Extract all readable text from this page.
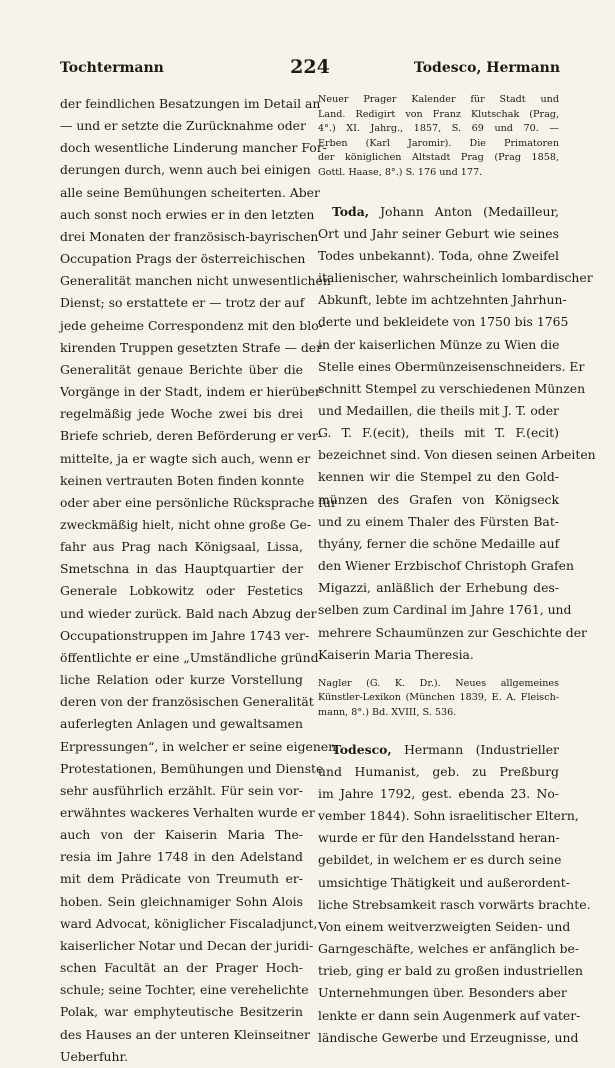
Tochtermann	224	Todesco, Hermann
der feindlichen Besatzungen im Detail an
— und er setzte die Zurücknahme oder
doch wesentliche Linderung mancher For-
derungen durch, wenn auch bei einigen
alle seine Bemühungen scheiterten. Aber
auch sonst noch erwies er in den letzten
drei Monaten der französisch-bayrischen
Occupation Prags der österreichischen
Generalität manchen nicht unwesentlichen
Dienst; so erstattete er — trotz der auf
jede geheime Correspondenz mit den blo-
kirenden Truppen gesetzten Strafe — der
Generalität genaue Berichte über die
Vorgänge in der Stadt, indem er hierüber
regelmäßig jede Woche zwei bis drei
Briefe schrieb, deren Beförderung er ver-
mittelte, ja er wagte sich auch, wenn er
keinen vertrauten Boten finden konnte
oder aber eine persönliche Rücksprache für
zweckmäßig hielt, nicht ohne große Ge-
fahr aus Prag nach Königsaal, Lissa,
Smetschna in das Hauptquartier der
Generale Lobkowitz oder Festetics
und wieder zurück. Bald nach Abzug der
Occupationstruppen im Jahre 1743 ver-
öffentlichte er eine „Umständliche gründ-
liche Relation oder kurze Vorstellung
deren von der französischen Generalität
auferlegten Anlagen und gewaltsamen
Erpressungen“, in welcher er seine eigenen
Protestationen, Bemühungen und Dienste
sehr ausführlich erzählt. Für sein vor-
erwähntes wackeres Verhalten wurde er
auch von der Kaiserin Maria The-
resia im Jahre 1748 in den Adelstand
mit dem Prädicate von Treumuth er-
hoben. Sein gleichnamiger Sohn Alois
ward Advocat, königlicher Fiscaladjunct,
kaiserlicher Notar und Decan der juridi-
schen Facultät an der Prager Hoch-
schule; seine Tochter, eine verehelichte
Polak, war emphyteutische Besitzerin
des Hauses an der unteren Kleinseitner
Ueberfuhr.
Neuer Prager Kalender für Stadt und
Land. Redigirt von Franz Klutschak (Prag,
4°.) XI. Jahrg., 1857, S. 69 und 70. —
Erben (Karl Jaromir). Die Primatoren
der königlichen Altstadt Prag (Prag 1858,
Gottl. Haase, 8°.) S. 176 und 177.
Toda, Johann Anton (Medailleur,
Ort und Jahr seiner Geburt wie seines
Todes unbekannt). Toda, ohne Zweifel
italienischer, wahrscheinlich lombardischer
Abkunft, lebte im achtzehnten Jahrhun-
derte und bekleidete von 1750 bis 1765
in der kaiserlichen Münze zu Wien die
Stelle eines Obermünzeisenschneiders. Er
schnitt Stempel zu verschiedenen Münzen
und Medaillen, die theils mit J. T. oder
G. T. F.(ecit), theils mit T. F.(ecit)
bezeichnet sind. Von diesen seinen Arbeiten
kennen wir die Stempel zu den Gold-
münzen des Grafen von Königseck
und zu einem Thaler des Fürsten Bat-
thyány, ferner die schöne Medaille auf
den Wiener Erzbischof Christoph Grafen
Migazzi, anläßlich der Erhebung des-
selben zum Cardinal im Jahre 1761, und
mehrere Schaumünzen zur Geschichte der
Kaiserin Maria Theresia.
Nagler (G. K. Dr.). Neues allgemeines
Künstler-Lexikon (München 1839, E. A. Fleisch-
mann, 8°.) Bd. XVIII, S. 536.
Todesco, Hermann (Industrieller
und Humanist, geb. zu Preßburg
im Jahre 1792, gest. ebenda 23. No-
vember 1844). Sohn israelitischer Eltern,
wurde er für den Handelsstand heran-
gebildet, in welchem er es durch seine
umsichtige Thätigkeit und außerordent-
liche Strebsamkeit rasch vorwärts brachte.
Von einem weitverzweigten Seiden- und
Garngeschäfte, welches er anfänglich be-
trieb, ging er bald zu großen industriellen
Unternehmungen über. Besonders aber
lenkte er dann sein Augenmerk auf vater-
ländische Gewerbe und Erzeugnisse, und
